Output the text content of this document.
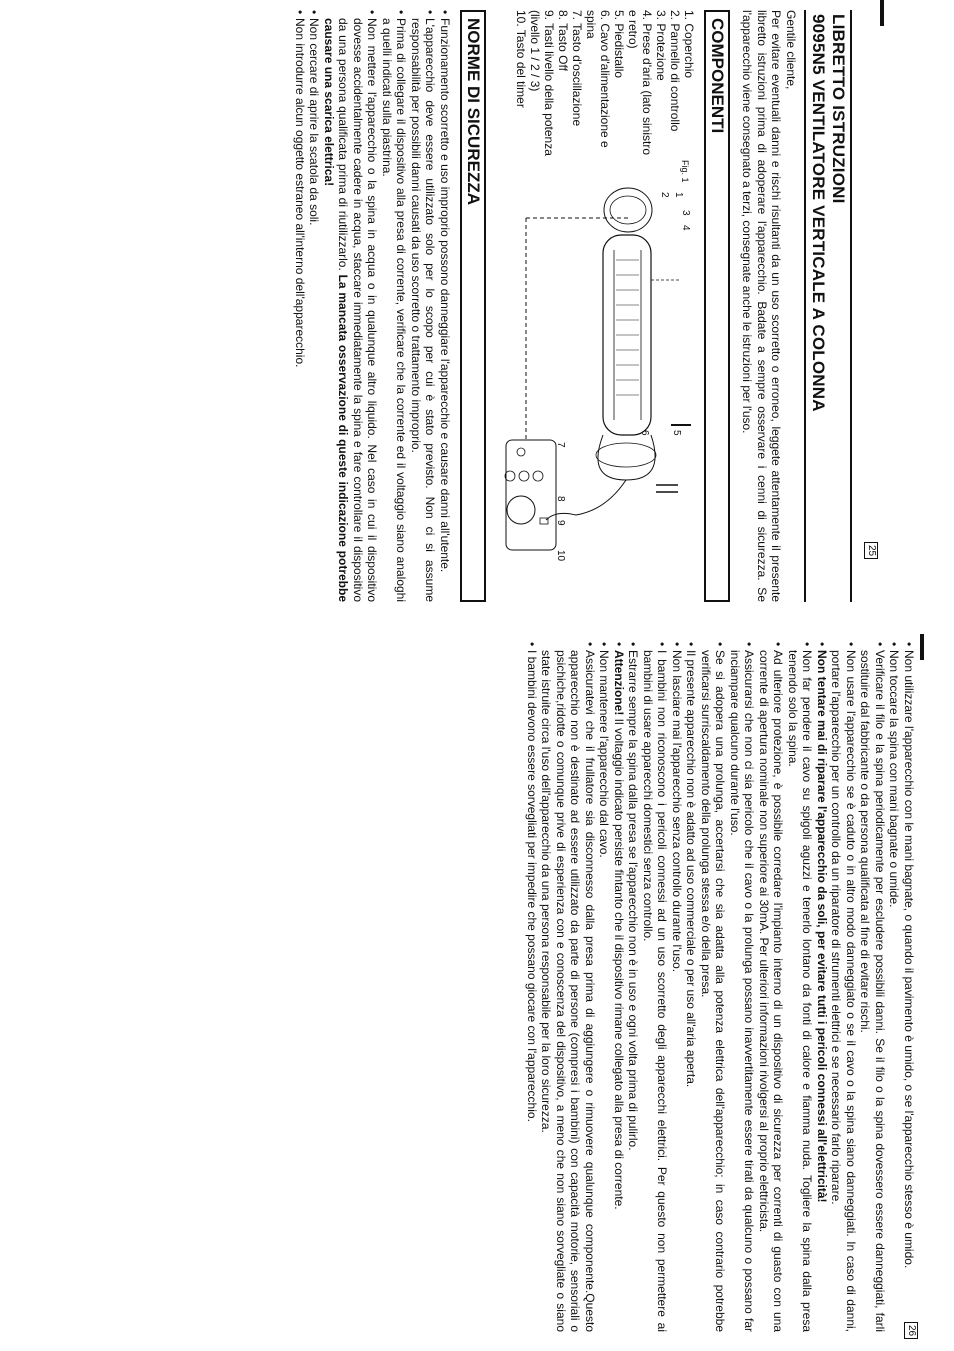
LIBRETTO ISTRUZIONI
9095N5 VENTILATORE VERTICALE A COLONNA

Gentile cliente,

Per evitare eventuali danni e rischi risultanti da un uso scorretto o erroneo, leggete attentamente il presente libretto istruzioni prima di adoperare l'apparecchio. Badate a sempre osservare i cenni di sicurezza. Se l'apparecchio viene consegnato a terzi, consegnate anche le istruzioni per l'uso.

COMPONENTI
1. Coperchio
2. Pannello di controllo
3. Protezione
4. Prese d'aria (lato sinistro e retro)
5. Piedistallo
6. Cavo d'alimentazione e spina
7. Tasto d'oscillazione
8. Tasto Off
9. Tasti livello della potenza (livello 1 / 2 / 3)
10. Tasto del timer
Fig. 1
1
2
3
4
5
6
7
8
9
10
NORME DI SICUREZZA
• Funzionamento scorretto e uso improprio possono danneggiare l'apparecchio e causare danni all'utente.
• L'apparecchio deve essere utilizzato solo per lo scopo per cui è stato previsto. Non ci si assume responsabilità per possibili danni causati da uso scorretto o trattamento improprio.
• Prima di collegare il dispositivo alla presa di corrente, verificare che la corrente ed il voltaggio siano analoghi a quelli indicati sulla piastrina.
• Non mettere l'apparecchio o la spina in acqua o in qualunque altro liquido. Nel caso in cui il dispositivo dovesse accidentalmente cadere in acqua, staccare immediatamente la spina e fare controllare il dispositivo da una persona qualificata prima di riutilizzarlo. La mancata osservazione di queste indicazione potrebbe causare una scarica elettrica!
• Non cercare di aprire la scatola da soli.
• Non introdurre alcun oggetto estraneo all'interno dell'apparecchio.
25
• Non utilizzare l'apparecchio con le mani bagnate, o quando il pavimento è umido, o se l'apparecchio stesso è umido.
• Non toccare la spina con mani bagnate o umide.
• Verificare il filo e la spina periodicamente per escludere possibili danni. Se il filo o la spina dovessero essere danneggiati, farli sostituire dal fabbricante o da persona qualificata al fine di evitare rischi.
• Non usare l'apparecchio se è caduto o in altro modo danneggiato o se il cavo o la spina siano danneggiati. In caso di danni, portare l'apparecchio per un controllo da un riparatore di strumenti elettrici e se necessario farlo riparare.
• Non tentare mai di riparare l'apparecchio da soli, per evitare tutti i pericoli connessi all'elettricità!
• Non far pendere il cavo su spigoli aguzzi e tenerlo lontano da fonti di calore e fiamma nuda. Togliere la spina dalla presa tenendo solo la spina.
• Ad ulteriore protezione, è possibile corredare l'impianto interno di un dispositivo di sicurezza per correnti di guasto con una corrente di apertura nominale non superiore ai 30mA. Per ulteriori informazioni rivolgersi al proprio elettricista.
• Assicurarsi che non ci sia pericolo che il cavo o la prolunga possano inavvertitamente essere tirati da qualcuno o possano far inciampare qualcuno durante l'uso.
• Se si adopera una prolunga, accertarsi che sia adatta alla potenza elettrica dell'apparecchio; in caso contrario potrebbe verificarsi surriscaldamento della prolunga stessa e/o della presa.
• Il presente apparecchio non è adatto ad uso commerciale o per uso all'aria aperta.
• Non lasciare mai l'apparecchio senza controllo durante l'uso.
• I bambini non riconoscono i pericoli connessi ad un uso scorretto degli apparecchi elettrici. Per questo non permettere ai bambini di usare apparecchi domestici senza controllo.
• Estrarre sempre la spina dalla presa se l'apparecchio non è in uso e ogni volta prima di pulirlo.
• Attenzione! Il voltaggio indicato persiste fintanto che il dispositivo rimane collegato alla presa di corrente.
• Non mantenere l'apparecchio dal cavo.
• Assicuratevi che il frullatore sia disconnesso dalla presa prima di aggiungere o rimuovere qualunque componente.Questo apparecchio non è destinato ad essere utilizzato da parte di persone (compresi i bambini) con capacità motorie, sensoriali o psichiche,ridotte o comunque prive di esperienza con e conoscenza del dispositivo, a meno che non siano sorvegliate o siano state istruite circa l'uso dell'apparecchio da una persona responsabile per la loro sicurezza.
• I bambini devono essere sorvegliati per impedire che possano giocare con l'apparecchio.
26
